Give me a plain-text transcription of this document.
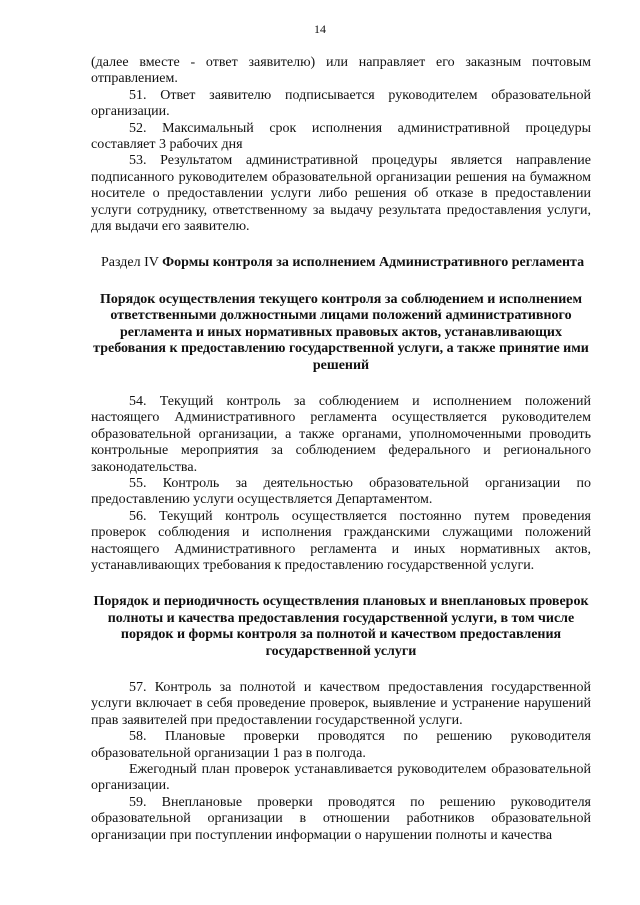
14

(далее вместе - ответ заявителю) или направляет его заказным почтовым отправлением.

51. Ответ заявителю подписывается руководителем образовательной организации.

52. Максимальный срок исполнения административной процедуры составляет 3 рабочих дня

53. Результатом административной процедуры является направление подписанного руководителем образовательной организации решения на бумажном носителе о предоставлении услуги либо решения об отказе в предоставлении услуги сотруднику, ответственному за выдачу результата предоставления услуги, для выдачи его заявителю.

Раздел IV Формы контроля за исполнением Административного регламента

Порядок осуществления текущего контроля за соблюдением и исполнением ответственными должностными лицами положений административного регламента и иных нормативных правовых актов, устанавливающих требования к предоставлению государственной услуги, а также принятие ими решений

54. Текущий контроль за соблюдением и исполнением положений настоящего Административного регламента осуществляется руководителем образовательной организации, а также органами, уполномоченными проводить контрольные мероприятия за соблюдением федерального и регионального законодательства.

55. Контроль за деятельностью образовательной организации по предоставлению услуги осуществляется Департаментом.

56. Текущий контроль осуществляется постоянно путем проведения проверок соблюдения и исполнения гражданскими служащими положений настоящего Административного регламента и иных нормативных актов, устанавливающих требования к предоставлению государственной услуги.

Порядок и периодичность осуществления плановых и внеплановых проверок полноты и качества предоставления государственной услуги, в том числе порядок и формы контроля за полнотой и качеством предоставления государственной услуги

57. Контроль за полнотой и качеством предоставления государственной услуги включает в себя проведение проверок, выявление и устранение нарушений прав заявителей при предоставлении государственной услуги.

58. Плановые проверки проводятся по решению руководителя образовательной организации 1 раз в полгода.

Ежегодный план проверок устанавливается руководителем образовательной организации.

59. Внеплановые проверки проводятся по решению руководителя образовательной организации в отношении работников образовательной организации при поступлении информации о нарушении полноты и качества
